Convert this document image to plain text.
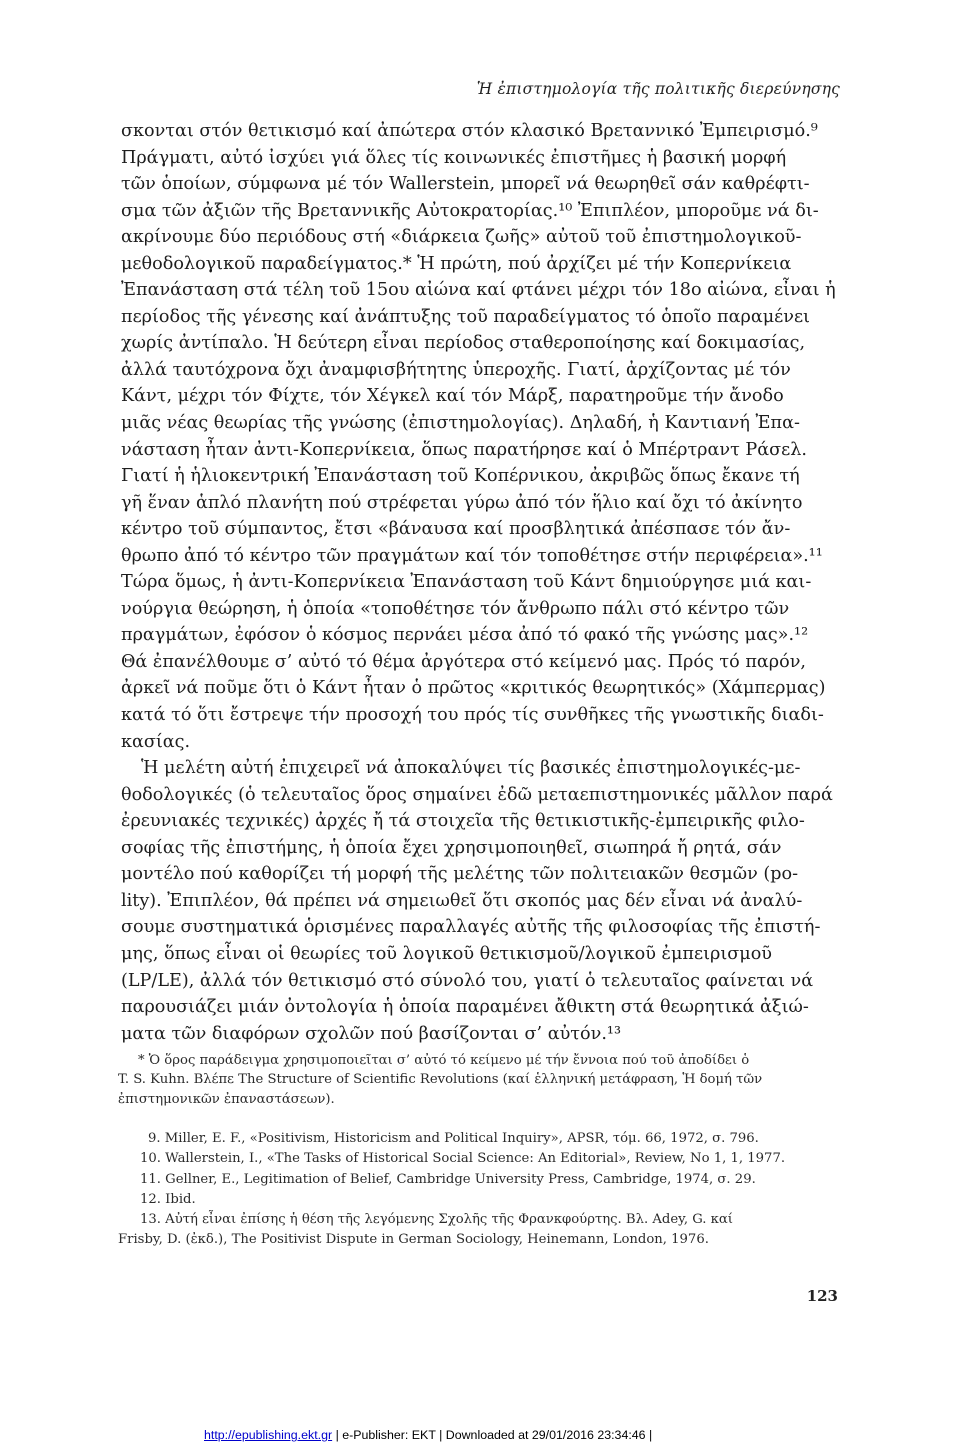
Ἡ ἐπιστημολογία τῆς πολιτικῆς διερεύνησης
σκονται στόν θετικισμό καί ἀπώτερα στόν κλασικό Βρεταννικό Ἐμπειρισμό.⁹
Πράγματι, αὐτό ἰσχύει γιά ὅλες τίς κοινωνικές ἐπιστῆμες ἡ βασική μορφή
τῶν ὁποίων, σύμφωνα μέ τόν Wallerstein, μπορεῖ νά θεωρηθεῖ σάν καθρέφτι-
σμα τῶν ἀξιῶν τῆς Βρεταννικῆς Αὐτοκρατορίας.¹⁰ Ἐπιπλέον, μποροῦμε νά δι-
ακρίνουμε δύο περιόδους στή «διάρκεια ζωῆς» αὐτοῦ τοῦ ἐπιστημολογικοῦ-
μεθοδολογικοῦ παραδείγματος.* Ἡ πρώτη, πού ἀρχίζει μέ τήν Κοπερνίκεια
Ἐπανάσταση στά τέλη τοῦ 15ου αἰώνα καί φτάνει μέχρι τόν 18ο αἰώνα, εἶναι ἡ
περίοδος τῆς γένεσης καί ἀνάπτυξης τοῦ παραδείγματος τό ὁποῖο παραμένει
χωρίς ἀντίπαλο. Ἡ δεύτερη εἶναι περίοδος σταθεροποίησης καί δοκιμασίας,
ἀλλά ταυτόχρονα ὄχι ἀναμφισβήτητης ὑπεροχῆς. Γιατί, ἀρχίζοντας μέ τόν
Κάντ, μέχρι τόν Φίχτε, τόν Χέγκελ καί τόν Μάρξ, παρατηροῦμε τήν ἄνοδο
μιᾶς νέας θεωρίας τῆς γνώσης (ἐπιστημολογίας). Δηλαδή, ἡ Καντιανή Ἐπα-
νάσταση ἦταν ἀντι-Κοπερνίκεια, ὅπως παρατήρησε καί ὁ Μπέρτραντ Ράσελ.
Γιατί ἡ ἡλιοκεντρική Ἐπανάσταση τοῦ Κοπέρνικου, ἀκριβῶς ὅπως ἔκανε τή
γῆ ἕναν ἁπλό πλανήτη πού στρέφεται γύρω ἀπό τόν ἥλιο καί ὄχι τό ἀκίνητο
κέντρο τοῦ σύμπαντος, ἔτσι «βάναυσα καί προσβλητικά ἀπέσπασε τόν ἄν-
θρωπο ἀπό τό κέντρο τῶν πραγμάτων καί τόν τοποθέτησε στήν περιφέρεια».¹¹
Τώρα ὅμως, ἡ ἀντι-Κοπερνίκεια Ἐπανάσταση τοῦ Κάντ δημιούργησε μιά και-
νούργια θεώρηση, ἡ ὁποία «τοποθέτησε τόν ἄνθρωπο πάλι στό κέντρο τῶν
πραγμάτων, ἐφόσον ὁ κόσμος περνάει μέσα ἀπό τό φακό τῆς γνώσης μας».¹²
Θά ἐπανέλθουμε σ’ αὐτό τό θέμα ἀργότερα στό κείμενό μας. Πρός τό παρόν,
ἀρκεῖ νά ποῦμε ὅτι ὁ Κάντ ἦταν ὁ πρῶτος «κριτικός θεωρητικός» (Χάμπερμας)
κατά τό ὅτι ἔστρεψε τήν προσοχή του πρός τίς συνθῆκες τῆς γνωστικῆς διαδι-
κασίας.
Ἡ μελέτη αὐτή ἐπιχειρεῖ νά ἀποκαλύψει τίς βασικές ἐπιστημολογικές-με-
θοδολογικές (ὁ τελευταῖος ὅρος σημαίνει ἐδῶ μεταεπιστημονικές μᾶλλον παρά
ἐρευνιακές τεχνικές) ἀρχές ἤ τά στοιχεῖα τῆς θετικιστικῆς-ἐμπειρικῆς φιλο-
σοφίας τῆς ἐπιστήμης, ἡ ὁποία ἔχει χρησιμοποιηθεῖ, σιωπηρά ἤ ρητά, σάν
μοντέλο πού καθορίζει τή μορφή τῆς μελέτης τῶν πολιτειακῶν θεσμῶν (po-
lity). Ἐπιπλέον, θά πρέπει νά σημειωθεῖ ὅτι σκοπός μας δέν εἶναι νά ἀναλύ-
σουμε συστηματικά ὁρισμένες παραλλαγές αὐτῆς τῆς φιλοσοφίας τῆς ἐπιστή-
μης, ὅπως εἶναι οἱ θεωρίες τοῦ λογικοῦ θετικισμοῦ/λογικοῦ ἐμπειρισμοῦ
(LP/LE), ἀλλά τόν θετικισμό στό σύνολό του, γιατί ὁ τελευταῖος φαίνεται νά
παρουσιάζει μιάν ὀντολογία ἡ ὁποία παραμένει ἄθικτη στά θεωρητικά ἀξιώ-
ματα τῶν διαφόρων σχολῶν πού βασίζονται σ’ αὐτόν.¹³
* Ὁ ὅρος παράδειγμα χρησιμοποιεῖται σ’ αὐτό τό κείμενο μέ τήν ἔννοια πού τοῦ ἀποδίδει ὁ
T. S. Kuhn. Βλέπε The Structure of Scientific Revolutions (καί ἑλληνική μετάφραση, Ἡ δομή τῶν
ἐπιστημονικῶν ἐπαναστάσεων).
9. Miller, E. F., «Positivism, Historicism and Political Inquiry», APSR, τόμ. 66, 1972, σ. 796.
10. Wallerstein, I., «The Tasks of Historical Social Science: An Editorial», Review, No 1, 1, 1977.
11. Gellner, E., Legitimation of Belief, Cambridge University Press, Cambridge, 1974, σ. 29.
12. Ibid.
13. Αὐτή εἶναι ἐπίσης ἡ θέση τῆς λεγόμενης Σχολῆς τῆς Φρανκφούρτης. Βλ. Adey, G. καί
Frisby, D. (ἐκδ.), The Positivist Dispute in German Sociology, Heinemann, London, 1976.
123
http://epublishing.ekt.gr | e-Publisher: EKT | Downloaded at 29/01/2016 23:34:46 |
